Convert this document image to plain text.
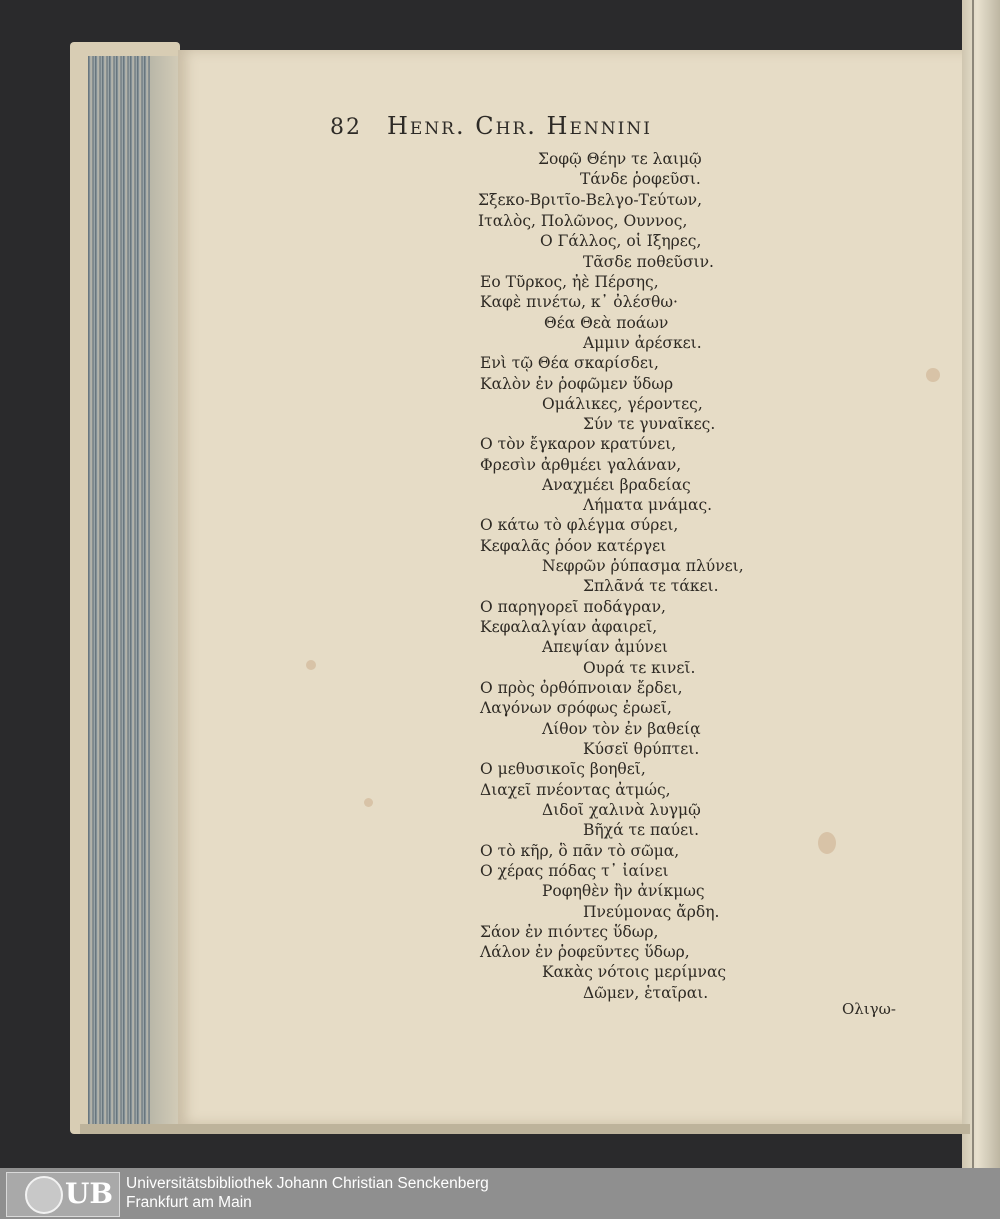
82 Henr. Chr. Hennini
Σοφῷ Θέην τε λαιμῷ
Τάνδε ῥοφεῦσι.
Σξεκο-Βριτῖο-Βελγο-Τεύτων,
Ιταλὸς, Πολῶνος, Ουννος,
Ο Γάλλος, οἱ Ιξηρες,
Τᾶσδε ποθεῦσιν.
Εο Τῦρκος, ἠὲ Πέρσης,
Καφὲ πινέτω, κ᾽ ὀλέσθω·
Θέα Θεὰ ποάων
Αμμιν ἀρέσκει.
Ενὶ τῷ Θέα σκαρίσδει,
Καλὸν ἐν ῥοφῶμεν ὕδωρ
Ομάλικες, γέροντες,
Σύν τε γυναῖκες.
Ο τὸν ἔγκαρον κρατύνει,
Φρεσὶν ἀρθμέει γαλάναν,
Αναχμέει βραδείας
Λήματα μνάμας.
Ο κάτω τὸ φλέγμα σύρει,
Κεφαλᾶς ῥόον κατέργει
Νεφρῶν ῥύπασμα πλύνει,
Σπλᾶνά τε τάκει.
Ο παρηγορεῖ ποδάγραν,
Κεφαλαλγίαν ἀφαιρεῖ,
Απεψίαν ἀμύνει
Ουρά τε κινεῖ.
Ο πρὸς ὀρθόπνοιαν ἔρδει,
Λαγόνων σρόφως ἐρωεῖ,
Λίθον τὸν ἐν βαθείᾳ
Κύσεϊ θρύπτει.
Ο μεθυσικοῖς βοηθεῖ,
Διαχεῖ πνέοντας ἀτμώς,
Διδοῖ χαλινὰ λυγμῷ
Βῆχά τε παύει.
Ο τὸ κῆρ, ὃ πᾶν τὸ σῶμα,
Ο χέρας πόδας τ᾽ ἰαίνει
Ροφηθὲν ἢν ἀνίκμως
Πνεύμονας ἄρδη.
Σάον ἐν πιόντες ὕδωρ,
Λάλον ἐν ῥοφεῦντες ὕδωρ,
Κακὰς νότοις μερίμνας
Δῶμεν, ἑταῖραι.
Ολιγω-
UB Universitätsbibliothek Johann Christian Senckenberg
Frankfurt am Main
